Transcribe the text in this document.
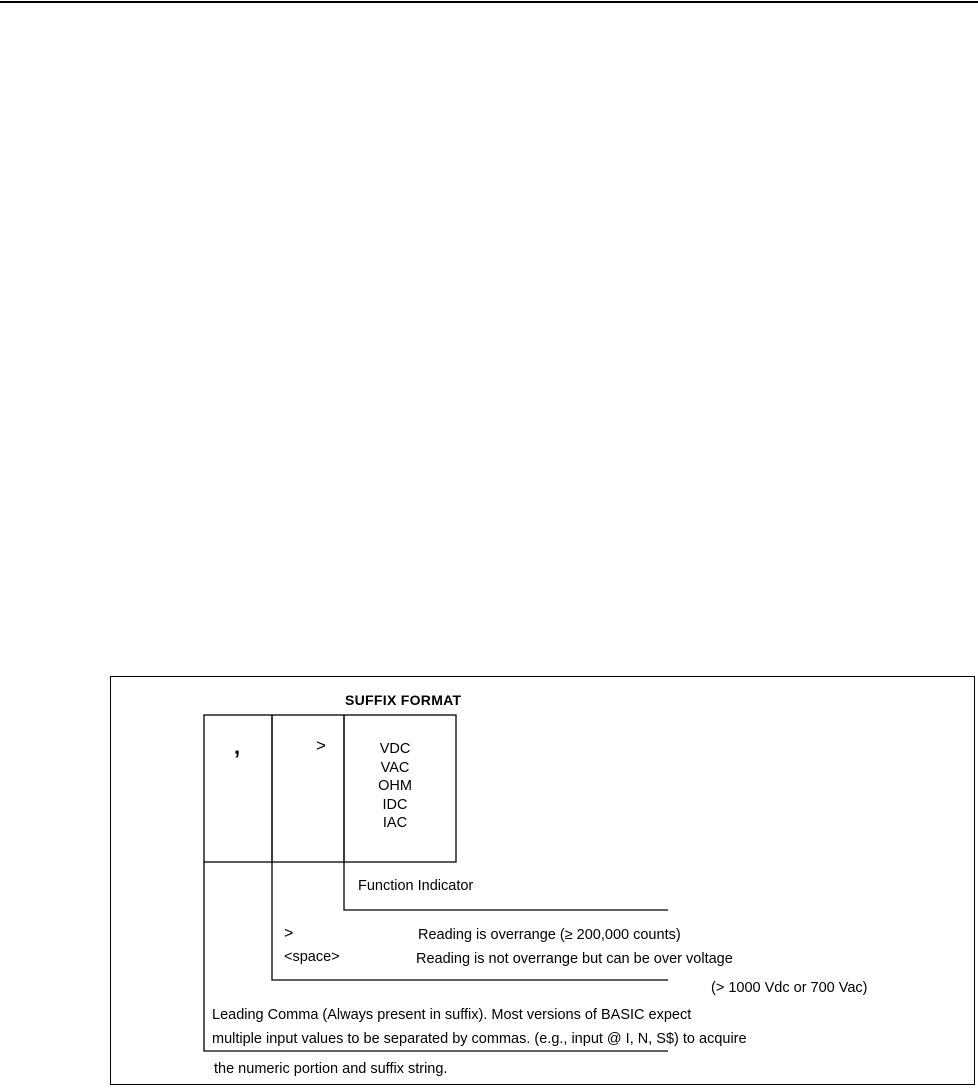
SUFFIX FORMAT
,	>	VDC
VAC
OHM
IDC
IAC
Function Indicator
>	Reading is overrange (≥ 200,000 counts)
<space>	Reading is not overrange but can be over voltage
(> 1000 Vdc or 700 Vac)
Leading Comma (Always present in suffix). Most versions of BASIC expect
multiple input values to be separated by commas. (e.g., input @ I, N, S$) to acquire
the numeric portion and suffix string.
